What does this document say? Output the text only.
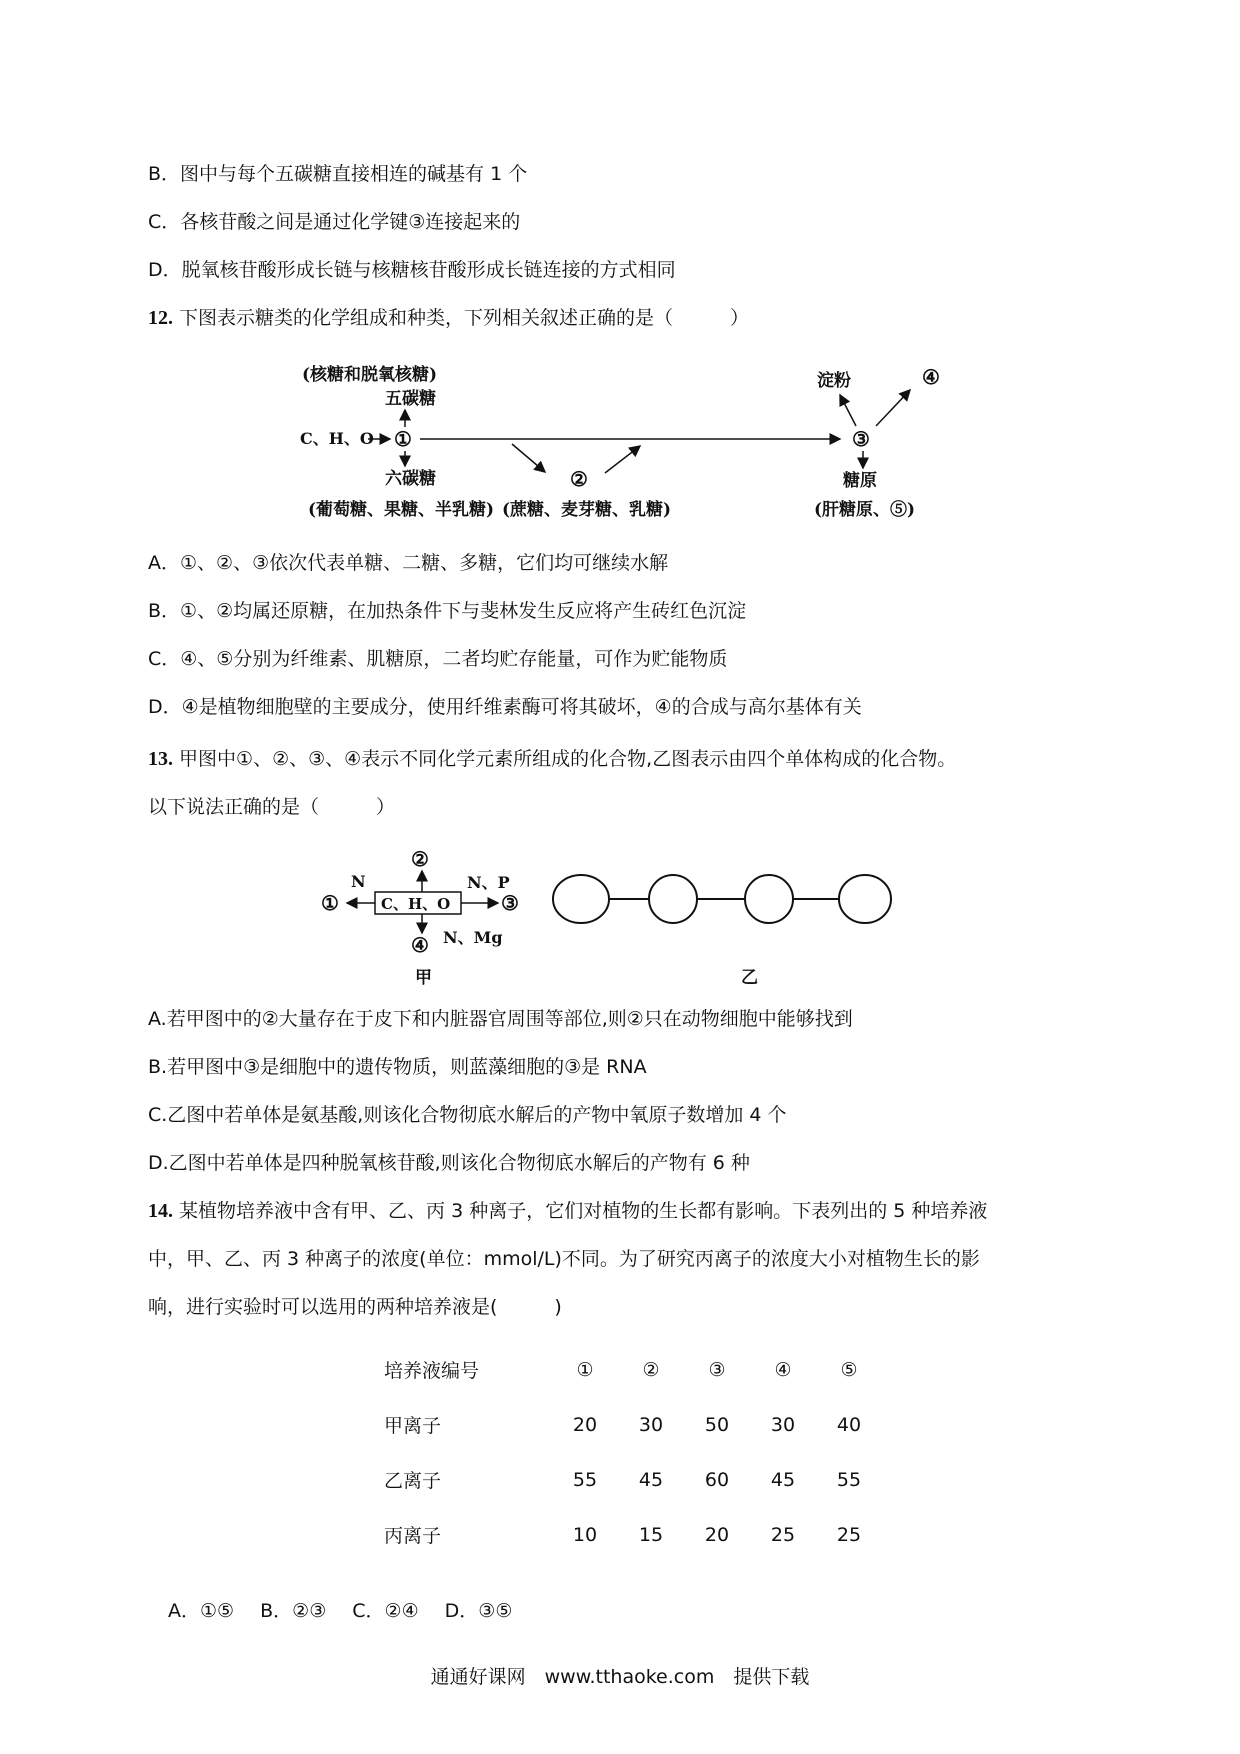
B．图中与每个五碳糖直接相连的碱基有 1 个
C．各核苷酸之间是通过化学键③连接起来的
D．脱氧核苷酸形成长链与核糖核苷酸形成长链连接的方式相同
12. 下图表示糖类的化学组成和种类，下列相关叙述正确的是（　　　）
(核糖和脱氧核糖)
五碳糖
C、H、O ①
六碳糖
(葡萄糖、果糖、半乳糖)
②
(蔗糖、麦芽糖、乳糖)
淀粉	④
③
糖原
(肝糖原、⑤)
A．①、②、③依次代表单糖、二糖、多糖，它们均可继续水解
B．①、②均属还原糖，在加热条件下与斐林发生反应将产生砖红色沉淀
C．④、⑤分别为纤维素、肌糖原，二者均贮存能量，可作为贮能物质
D．④是植物细胞壁的主要成分，使用纤维素酶可将其破坏，④的合成与高尔基体有关
13. 甲图中①、②、③、④表示不同化学元素所组成的化合物,乙图表示由四个单体构成的化合物。
以下说法正确的是（　　　）
N
①	C、H、O
②
N、P
③
④ N、Mg
甲	乙
A.若甲图中的②大量存在于皮下和内脏器官周围等部位,则②只在动物细胞中能够找到
B.若甲图中③是细胞中的遗传物质，则蓝藻细胞的③是 RNA
C.乙图中若单体是氨基酸,则该化合物彻底水解后的产物中氧原子数增加 4 个
D.乙图中若单体是四种脱氧核苷酸,则该化合物彻底水解后的产物有 6 种
14. 某植物培养液中含有甲、乙、丙 3 种离子，它们对植物的生长都有影响。下表列出的 5 种培养液
中，甲、乙、丙 3 种离子的浓度(单位：mmol/L)不同。为了研究丙离子的浓度大小对植物生长的影
响，进行实验时可以选用的两种培养液是(　　　)
培养液编号	①	②	③	④	⑤
甲离子	20	30	50	30	40
乙离子	55	45	60	45	55
丙离子	10	15	20	25	25
A．①⑤ B．②③ C．②④ D．③⑤
通通好课网　www.tthaoke.com　提供下载
